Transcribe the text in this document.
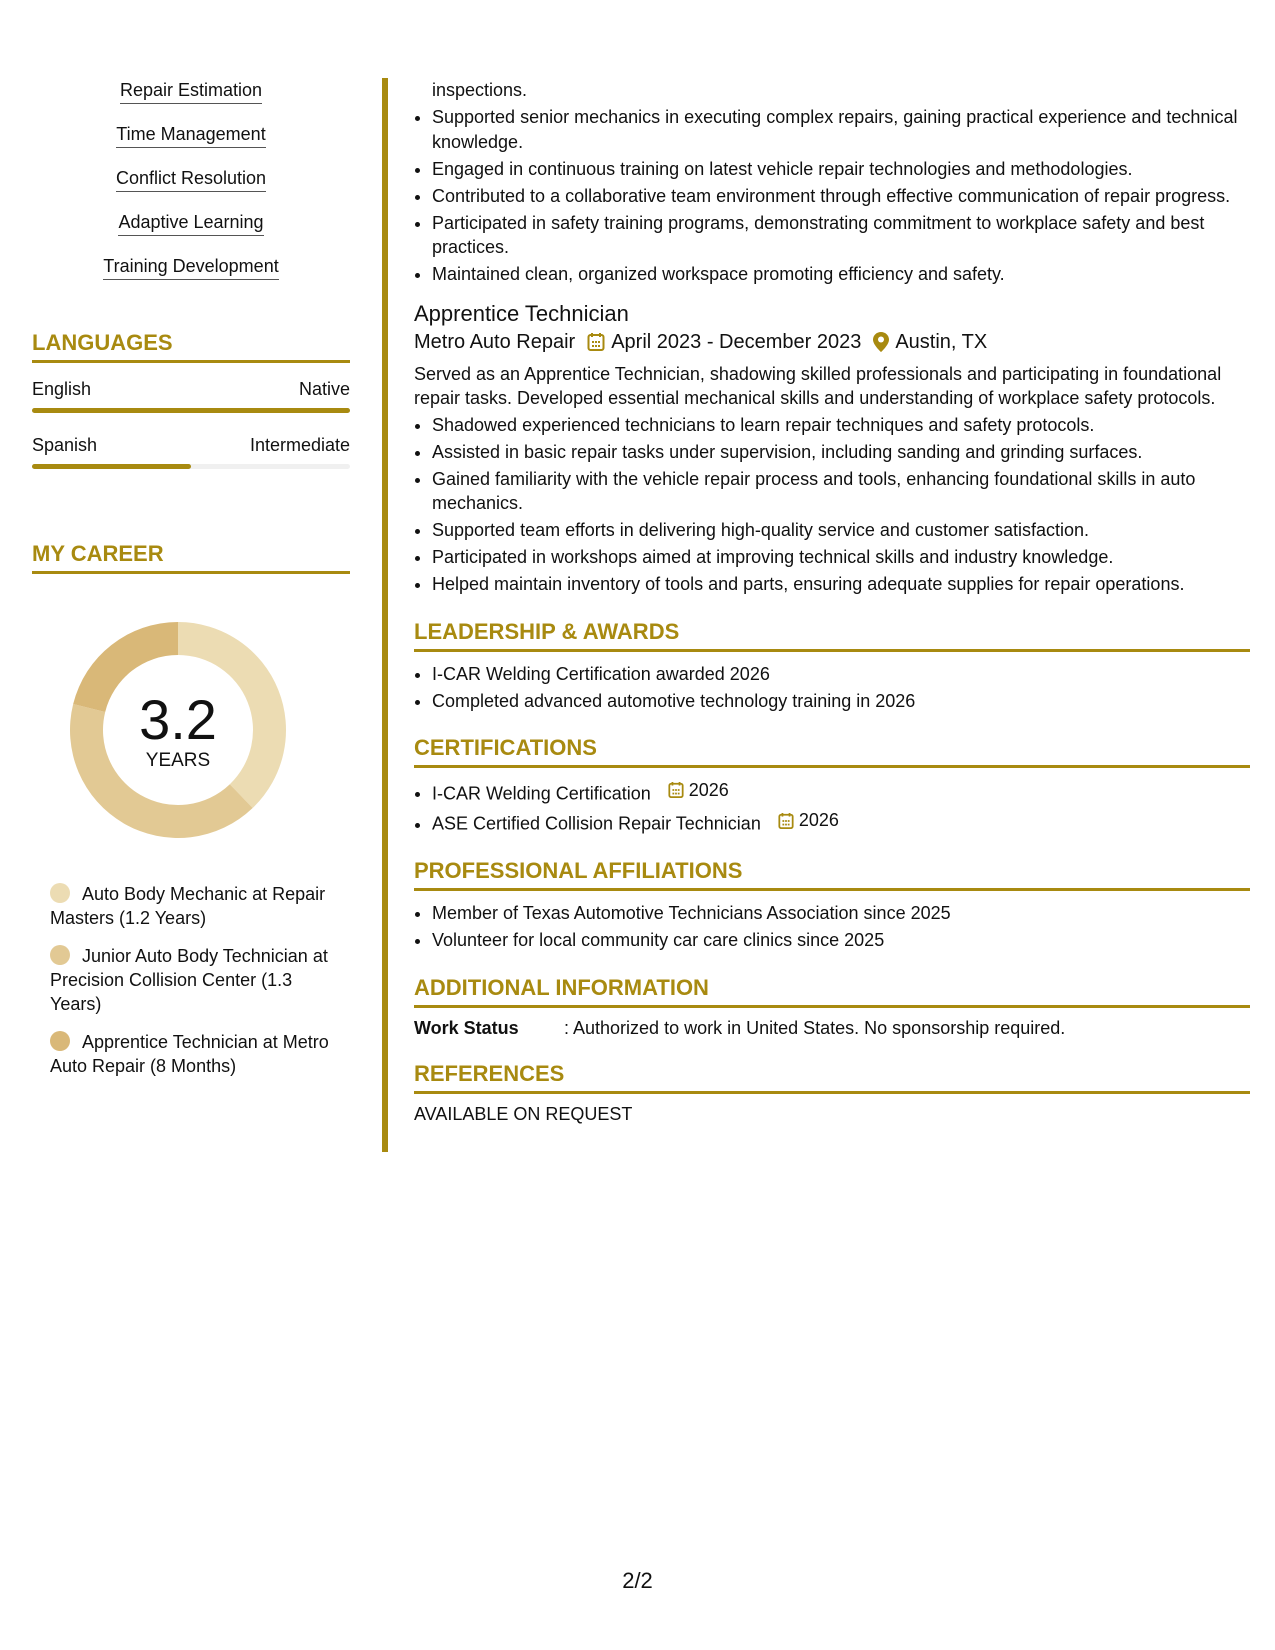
Repair Estimation
Time Management
Conflict Resolution
Adaptive Learning
Training Development
LANGUAGES
English	Native
Spanish	Intermediate
MY CAREER
3.2
YEARS
Auto Body Mechanic at Repair Masters (1.2 Years)
Junior Auto Body Technician at Precision Collision Center (1.3 Years)
Apprentice Technician at Metro Auto Repair (8 Months)
inspections.
• Supported senior mechanics in executing complex repairs, gaining practical experience and technical knowledge.
• Engaged in continuous training on latest vehicle repair technologies and methodologies.
• Contributed to a collaborative team environment through effective communication of repair progress.
• Participated in safety training programs, demonstrating commitment to workplace safety and best practices.
• Maintained clean, organized workspace promoting efficiency and safety.
Apprentice Technician
Metro Auto Repair April 2023 - December 2023 Austin, TX

Served as an Apprentice Technician, shadowing skilled professionals and participating in foundational repair tasks. Developed essential mechanical skills and understanding of workplace safety protocols.

• Shadowed experienced technicians to learn repair techniques and safety protocols.
• Assisted in basic repair tasks under supervision, including sanding and grinding surfaces.
• Gained familiarity with the vehicle repair process and tools, enhancing foundational skills in auto mechanics.
• Supported team efforts in delivering high-quality service and customer satisfaction.
• Participated in workshops aimed at improving technical skills and industry knowledge.
• Helped maintain inventory of tools and parts, ensuring adequate supplies for repair operations.
LEADERSHIP & AWARDS
• I-CAR Welding Certification awarded 2026
• Completed advanced automotive technology training in 2026
CERTIFICATIONS
• I-CAR Welding Certification 2026
• ASE Certified Collision Repair Technician 2026
PROFESSIONAL AFFILIATIONS
• Member of Texas Automotive Technicians Association since 2025
• Volunteer for local community car care clinics since 2025
ADDITIONAL INFORMATION
Work Status	: Authorized to work in United States. No sponsorship required.
REFERENCES

AVAILABLE ON REQUEST

2/2
